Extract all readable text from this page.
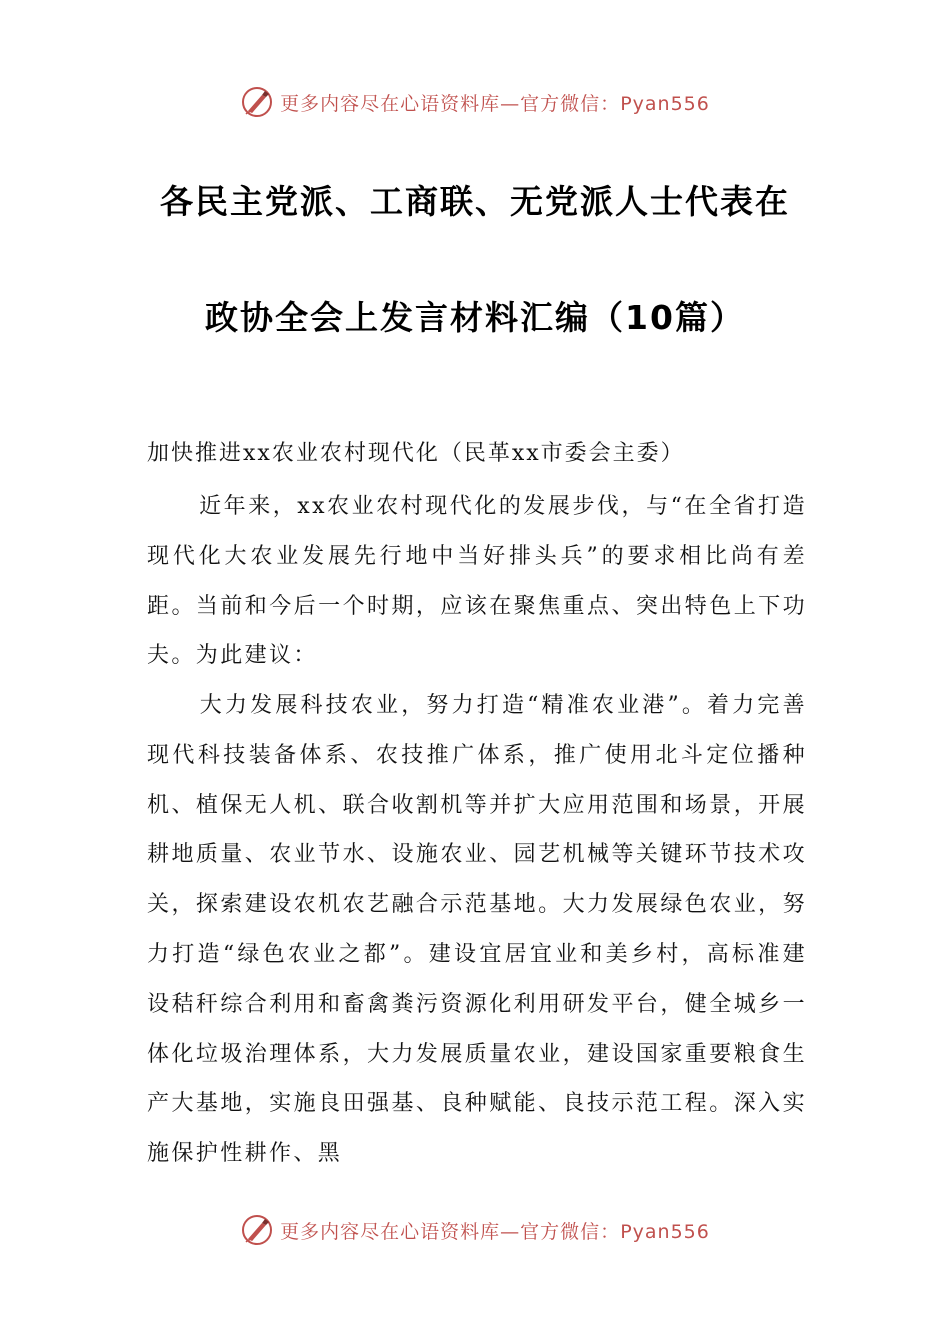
更多内容尽在心语资料库—官方微信：Pyan556
各民主党派、工商联、无党派人士代表在
政协全会上发言材料汇编（10篇）
加快推进xx农业农村现代化（民革xx市委会主委）

近年来，xx农业农村现代化的发展步伐，与“在全省打造现代化大农业发展先行地中当好排头兵”的要求相比尚有差距。当前和今后一个时期，应该在聚焦重点、突出特色上下功夫。为此建议：

大力发展科技农业，努力打造“精准农业港”。着力完善现代科技装备体系、农技推广体系，推广使用北斗定位播种机、植保无人机、联合收割机等并扩大应用范围和场景，开展耕地质量、农业节水、设施农业、园艺机械等关键环节技术攻关，探索建设农机农艺融合示范基地。大力发展绿色农业，努力打造“绿色农业之都”。建设宜居宜业和美乡村，高标准建设秸秆综合利用和畜禽粪污资源化利用研发平台，健全城乡一体化垃圾治理体系，大力发展质量农业，建设国家重要粮食生产大基地，实施良田强基、良种赋能、良技示范工程。深入实施保护性耕作、黑

更多内容尽在心语资料库—官方微信：Pyan556
